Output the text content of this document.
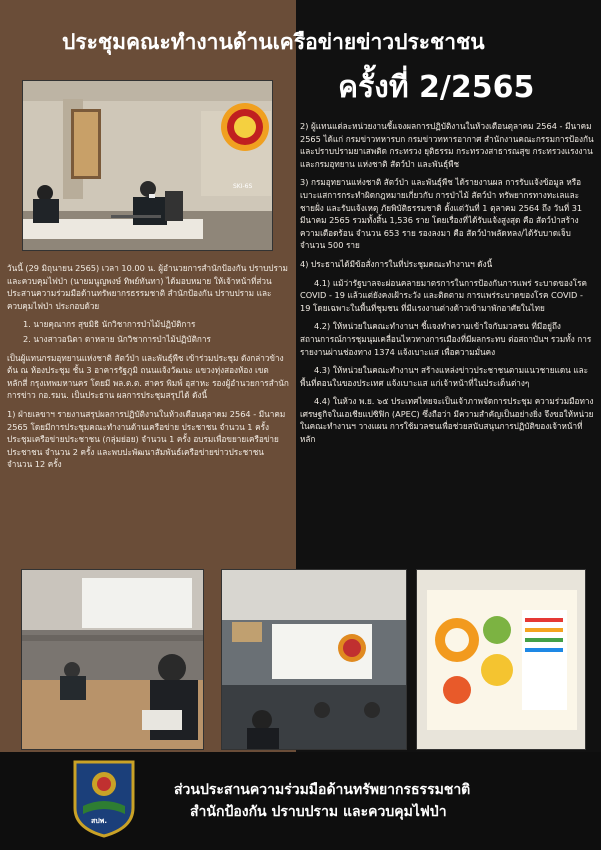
ประชุมคณะทำงานด้านเครือข่ายข่าวประชาชน
ครั้งที่ 2/2565
SKI-6S

วันนี้ (29 มิถุนายน 2565) เวลา 10.00 น. ผู้อำนวยการสำนักป้องกัน ปราบปราม และควบคุมไฟป่า (นายมนูญพงษ์ ทิพย์ทันทา) ได้มอบหมาย ให้เจ้าหน้าที่ส่วนประสานความร่วมมือด้านทรัพยากรธรรมชาติ สำนักป้องกัน ปราบปราม และควบคุมไฟป่า ประกอบด้วย

1. นายคุณากร สุขมิธิ นักวิชาการป่าไม้ปฏิบัติการ
2. นางสาวอนิตา ดาหลาย นักวิชาการป่าไม้ปฏิบัติการ

เป็นผู้แทนกรมอุทยานแห่งชาติ สัตว์ป่า และพันธุ์พืช เข้าร่วมประชุม ดังกล่าวข้างต้น ณ ห้องประชุม ชั้น 3 อาคารรัฐภูมิ ถนนแจ้งวัฒนะ แขวงทุ่งสองห้อง เขตหลักสี่ กรุงเทพมหานคร โดยมี พล.ต.ต. สาคร พิมพ์ อุสาหะ รองผู้อำนวยการสำนักการข่าว กอ.รมน. เป็นประธาน ผลการประชุมสรุปได้ ดังนี้

1) ฝ่ายเลขาฯ รายงานสรุปผลการปฏิบัติงานในห้วงเดือนตุลาคม 2564 - มีนาคม 2565 โดยมีการประชุมคณะทำงานด้านเครือข่าย ประชาชน จำนวน 1 ครั้ง ประชุมเครือข่ายประชาชน (กลุ่มย่อย) จำนวน 1 ครั้ง อบรมเพื่อขยายเครือข่ายประชาชน จำนวน 2 ครั้ง และพบปะพัฒนาสัมพันธ์เครือข่ายข่าวประชาชน จำนวน 12 ครั้ง

2) ผู้แทนแต่ละหน่วยงานชี้แจงผลการปฏิบัติงานในห้วงเดือนตุลาคม 2564 - มีนาคม 2565 ได้แก่ กรมข่าวทหารบก กรมข่าวทหารอากาศ สำนักงานคณะกรรมการป้องกันและปราบปรามยาเสพติด กระทรวง ยุติธรรม กระทรวงสาธารณสุข กระทรวงแรงงาน และกรมอุทยาน แห่งชาติ สัตว์ป่า และพันธุ์พืช

3) กรมอุทยานแห่งชาติ สัตว์ป่า และพันธุ์พืช ได้รายงานผล การรับแจ้งข้อมูล หรือเบาะแสการกระทำผิดกฎหมายเกี่ยวกับ การป่าไม้ สัตว์ป่า ทรัพยากรทางทะเลและชายฝั่ง และรับแจ้งเหตุ ภัยพิบัติธรรมชาติ ตั้งแต่วันที่ 1 ตุลาคม 2564 ถึง วันที่ 31 มีนาคม 2565 รวมทั้งสิ้น 1,536 ราย โดยเรื่องที่ได้รับแจ้งสูงสุด คือ สัตว์ป่าสร้างความเดือดร้อน จำนวน 653 ราย รองลงมา คือ สัตว์ป่าพลัดหลง/ได้รับบาดเจ็บ จำนวน 500 ราย

4) ประธานได้มีข้อสั่งการในที่ประชุมคณะทำงานฯ ดังนี้

4.1) แม้ว่ารัฐบาลจะผ่อนคลายมาตรการในการป้องกันการแพร่ ระบาดของโรค COVID - 19 แล้วแต่ยังคงเฝ้าระวัง และติดตาม การแพร่ระบาดของโรค COVID - 19 โดยเฉพาะในพื้นที่ชุมชน ที่มีแรงงานต่างด้าวเข้ามาพักอาศัยในไทย

4.2) ให้หน่วยในคณะทำงานฯ ชี้แจงทำความเข้าใจกับมวลชน ที่มีอยู่ถึงสถานการณ์การชุมนุมเคลื่อนไหวทางการเมืองที่มีผลกระทบ ต่อสถาบันฯ รวมทั้ง การรายงานผ่านช่องทาง 1374 แจ้งเบาะแส เพื่อความมั่นคง

4.3) ให้หน่วยในคณะทำงานฯ สร้างแหล่งข่าวประชาชนตามแนวชายแดน และพื้นที่ตอนในของประเทศ แจ้งเบาะแส แก่เจ้าหน้าที่ในประเด็นต่างๆ

4.4) ในห้วง พ.ย. ๖๕ ประเทศไทยจะเป็นเจ้าภาพจัดการประชุม ความร่วมมือทางเศรษฐกิจในเอเชียแปซิฟิก (APEC) ซึ่งถือว่า มีความสำคัญเป็นอย่างยิ่ง จึงขอให้หน่วยในคณะทำงานฯ วางแผน การใช้มวลชนเพื่อช่วยสนับสนุนการปฏิบัติของเจ้าหน้าที่หลัก

สปพ.
ส่วนประสานความร่วมมือด้านทรัพยากรธรรมชาติ
สำนักป้องกัน ปราบปราม และควบคุมไฟป่า
